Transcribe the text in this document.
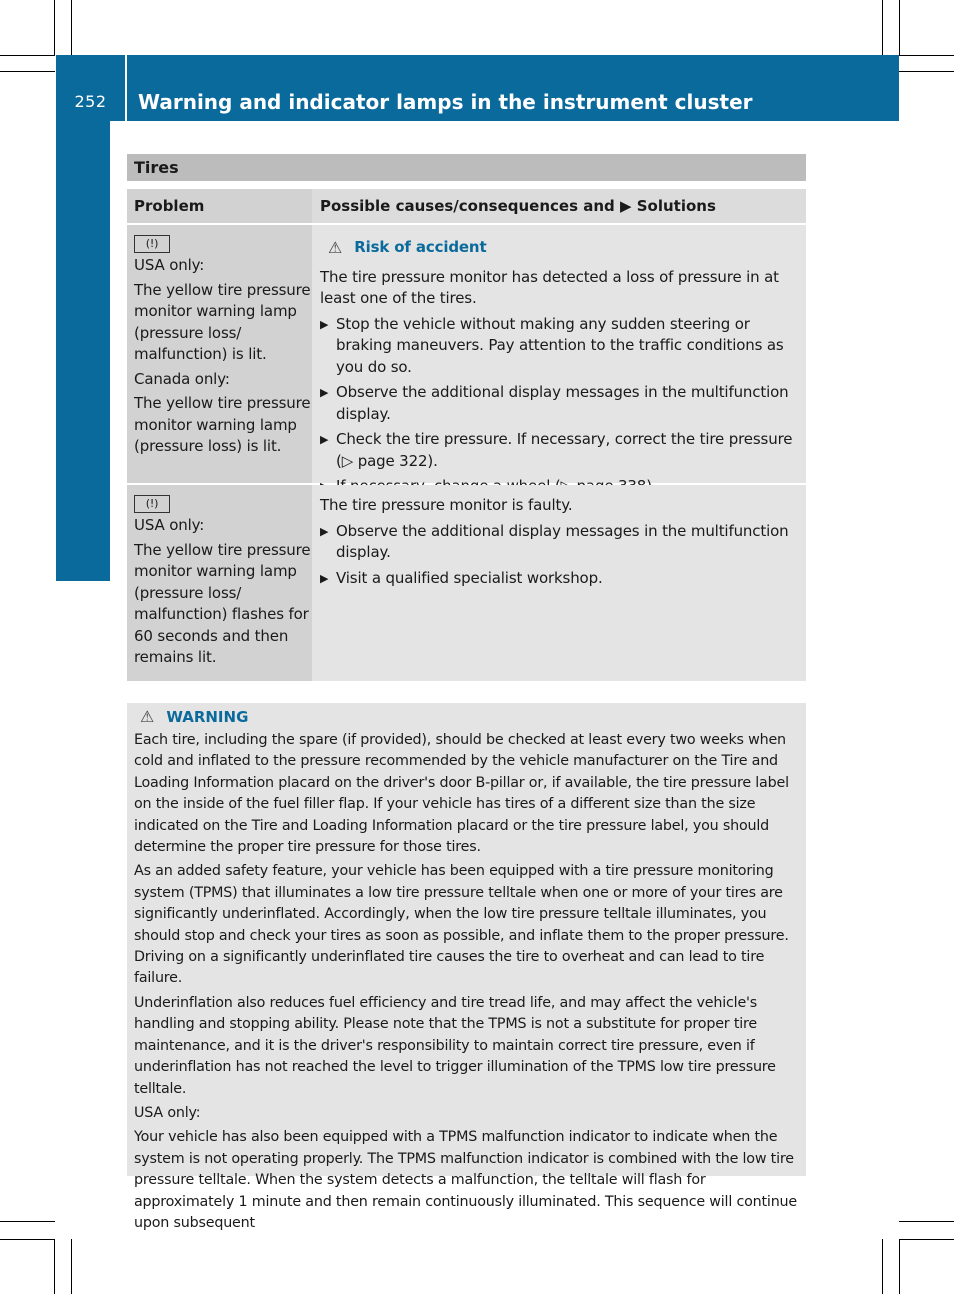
252	Warning and indicator lamps in the instrument cluster
On-board computer and displays Tires
Problem	Possible causes/consequences and ▶ Solutions
(!)
USA only:
The yellow tire pressure monitor warning lamp (pressure loss/ malfunction) is lit.
Canada only:
The yellow tire pressure monitor warning lamp (pressure loss) is lit.
⚠ Risk of accident
The tire pressure monitor has detected a loss of pressure in at least one of the tires.
▶ Stop the vehicle without making any sudden steering or braking maneuvers. Pay attention to the traffic conditions as you do so.
▶ Observe the additional display messages in the multifunction display.
▶ Check the tire pressure. If necessary, correct the tire pressure (▷ page 322).
(!)
USA only:
The yellow tire pressure monitor warning lamp (pressure loss/ malfunction) flashes for 60 seconds and then remains lit.
The tire pressure monitor is faulty.
▶ Observe the additional display messages in the multifunction display.
▶ Visit a qualified specialist workshop.
⚠ WARNING
Each tire, including the spare (if provided), should be checked at least every two weeks when cold and inflated to the pressure recommended by the vehicle manufacturer on the Tire and Loading Information placard on the driver's door B-pillar or, if available, the tire pressure label on the inside of the fuel filler flap. If your vehicle has tires of a different size than the size indicated on the Tire and Loading Information placard or the tire pressure label, you should determine the proper tire pressure for those tires.
As an added safety feature, your vehicle has been equipped with a tire pressure monitoring system (TPMS) that illuminates a low tire pressure telltale when one or more of your tires are significantly underinflated. Accordingly, when the low tire pressure telltale illuminates, you should stop and check your tires as soon as possible, and inflate them to the proper pressure. Driving on a significantly underinflated tire causes the tire to overheat and can lead to tire failure.
Underinflation also reduces fuel efficiency and tire tread life, and may affect the vehicle's handling and stopping ability. Please note that the TPMS is not a substitute for proper tire maintenance, and it is the driver's responsibility to maintain correct tire pressure, even if underinflation has not reached the level to trigger illumination of the TPMS low tire pressure telltale.
USA only:
Your vehicle has also been equipped with a TPMS malfunction indicator to indicate when the system is not operating properly. The TPMS malfunction indicator is combined with the low tire pressure telltale. When the system detects a malfunction, the telltale will flash for approximately 1 minute and then remain continuously illuminated. This sequence will continue upon subsequent
